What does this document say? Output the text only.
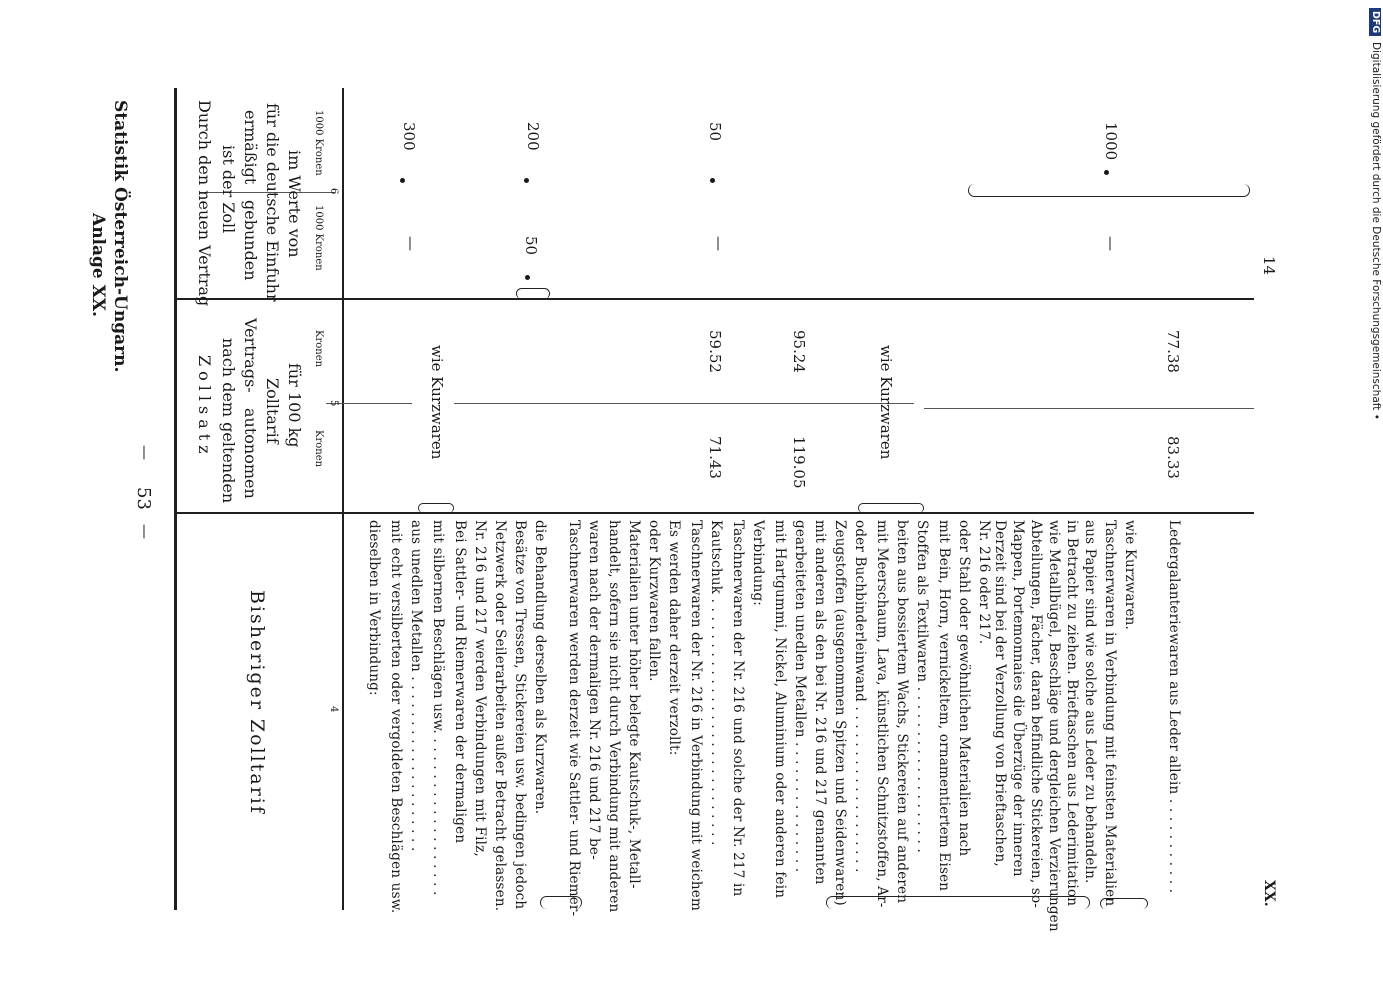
—
53
—
Anlage XX. Statistik Österreich-Ungarn.
XX.
14
DFG
Digitalisierung gefördert durch die Deutsche Forschungsgemeinschaft •
Bisheriger Zolltarif	4
Zollsatz nach dem geltenden autonomen
Vertrags-
Zolltarif für 100 kg
Kronen
Kronen
5
Durch den neuen Vertrag ist der Zoll
gebunden
ermäßigt für die deutsche Einfuhr im Werte von 1000 Kronen
1000 Kronen
6
dieselben in Verbindung: mit echt versilberten oder vergoldeten Beschlägen usw. aus unedlen Metallen . . . . . . . . . . . . . . . . . . . . mit silbernen Beschlägen usw. . . . . . . . . . . . . . . . . . . Bei Sattler- und Riemerwaren der dermaligen Nr. 216 und 217 werden Verbindungen mit Filz, Netzwerk oder Seilerarbeiten außer Betracht gelassen. Besätze von Tressen, Stickereien usw. bedingen jedoch die Behandlung derselben als Kurzwaren. Taschnerwaren werden derzeit wie Sattler- und Riemer- waren nach der dermaligen Nr. 216 und 217 be- handelt, sofern sie nicht durch Verbindung mit anderen Materialien unter höher belegte Kautschuk-, Metall- oder Kurzwaren fallen. Es werden daher derzeit verzollt: Taschnerwaren der Nr. 216 in Verbindung mit weichem Kautschuk . . . . . . . . . . . . . . . . . . . . . . . . . . . . Taschnerwaren der Nr. 216 und solche der Nr. 217 in Verbindung: mit Hartgummi, Nickel, Aluminium oder anderen fein gearbeiteten unedlen Metallen . . . . . . . . . . . . . . . mit anderen als den bei Nr. 216 und 217 genannten Zeugstoffen (ausgenommen Spitzen und Seidenwaren) oder Buchbinderleinwand . . . . . . . . . . . . . . . . . . . mit Meerschaum, Lava, künstlichen Schnitzstoffen, Ar- beiten aus bossiertem Wachs, Stickereien auf anderen Stoffen als Textilwaren . . . . . . . . . . . . . . . . . . . mit Bein, Horn, vernickeltem, ornamentiertem Eisen oder Stahl oder gewöhnlichen Materialien nach Nr. 216 oder 217. Derzeit sind bei der Verzollung von Brieftaschen, Mappen, Portemonnaies die Überzüge der inneren Abteilungen, Fächer, daran befindliche Stickereien, so- wie Metallbügel, Beschläge und dergleichen Verzierungen in Betracht zu ziehen. Brieftaschen aus Lederimitation aus Papier sind wie solche aus Leder zu behandeln. Taschnerwaren in Verbindung mit feinsten Materialien wie Kurzwaren. Ledergalanteriewaren aus Leder allein . . . . . . . . . . .
wie Kurzwaren	wie Kurzwaren
71.43
59.52
119.05
95.24
83.33
77.38
—
300
50
200
—
50
—
1000
